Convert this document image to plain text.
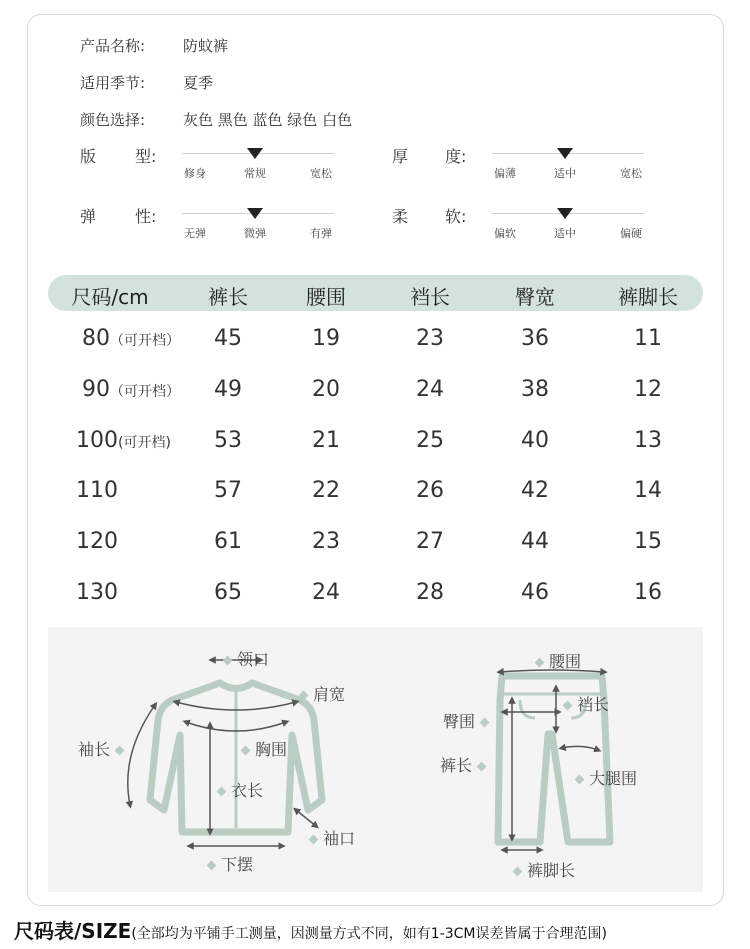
产品名称:	防蚊裤
适用季节:	夏季
颜色选择:	灰色 黑色 蓝色 绿色 白色
版 型:
修身	常规	宽松
厚 度:
偏薄	适中	宽松
弹 性:
无弹	微弹	有弹
柔 软:
偏软	适中	偏硬
尺码/cm	裤长	腰围	裆长	臀宽	裤脚长
80（可开档） 45	19	23	36	11
90（可开档） 49	20	24	38	12
100(可开档) 53	21	25	40	13
110	57	22	26	42	14
120	61	23	27	44	15
130	65	24	28	46	16
领口
肩宽
袖长	胸围
衣长
袖口
下摆
腰围
臀围
裆长
裤长
大腿围
裤脚长
尺码表/SIZE(全部均为平铺手工测量，因测量方式不同，如有1-3CM误差皆属于合理范围)
